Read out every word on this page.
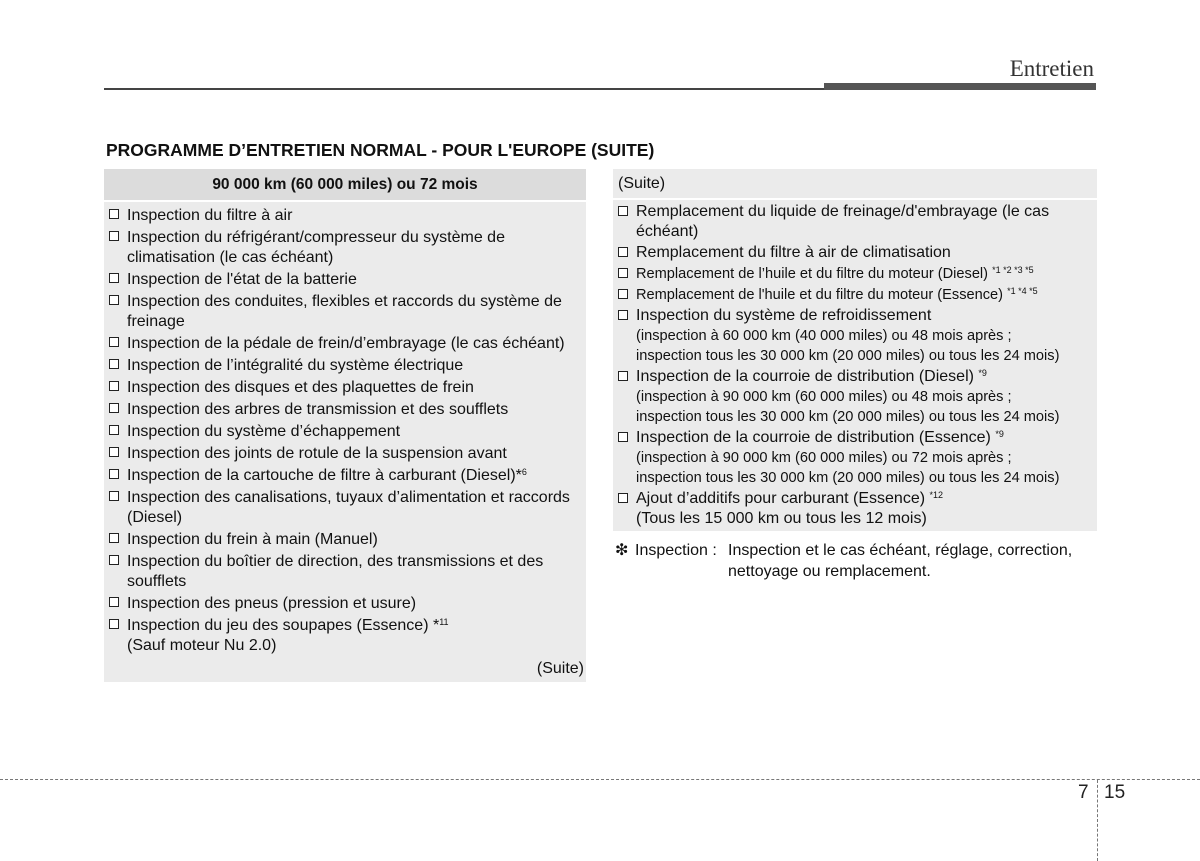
Entretien
PROGRAMME D’ENTRETIEN NORMAL - POUR L'EUROPE (SUITE)
90 000 km (60 000 miles) ou 72 mois
Inspection du filtre à air
Inspection du réfrigérant/compresseur du système de climatisation (le cas échéant)
Inspection de l'état de la batterie
Inspection des conduites, flexibles et raccords du système de freinage
Inspection de la pédale de frein/d’embrayage (le cas échéant)
Inspection de l’intégralité du système électrique
Inspection des disques et des plaquettes de frein
Inspection des arbres de transmission et des soufflets
Inspection du système d’échappement
Inspection des joints de rotule de la suspension avant
Inspection de la cartouche de filtre à carburant (Diesel)*$^6$
Inspection des canalisations, tuyaux d’alimentation et raccords (Diesel)
Inspection du frein à main (Manuel)
Inspection du boîtier de direction, des transmissions et des soufflets
Inspection des pneus (pression et usure)
Inspection du jeu des soupapes (Essence) *$^{11}$
(Sauf moteur Nu 2.0)
(Suite)
(Suite)
Remplacement du liquide de freinage/d'embrayage (le cas échéant)
Remplacement du filtre à air de climatisation
Remplacement de l’huile et du filtre du moteur (Diesel) $^{*1 *2 *3 *5}$
Remplacement de l'huile et du filtre du moteur (Essence) $^{*1 *4 *5}$
Inspection du système de refroidissement
(inspection à 60 000 km (40 000 miles) ou 48 mois après ;
inspection tous les 30 000 km (20 000 miles) ou tous les 24 mois)
Inspection de la courroie de distribution (Diesel) $^{*9}$
(inspection à 90 000 km (60 000 miles) ou 48 mois après ;
inspection tous les 30 000 km (20 000 miles) ou tous les 24 mois)
Inspection de la courroie de distribution (Essence) $^{*9}$
(inspection à 90 000 km (60 000 miles) ou 72 mois après ;
inspection tous les 30 000 km (20 000 miles) ou tous les 24 mois)
Ajout d’additifs pour carburant (Essence) $^{*12}$
(Tous les 15 000 km ou tous les 12 mois)
❇ Inspection : Inspection et le cas échéant, réglage, correction,
nettoyage ou remplacement.
7 15
